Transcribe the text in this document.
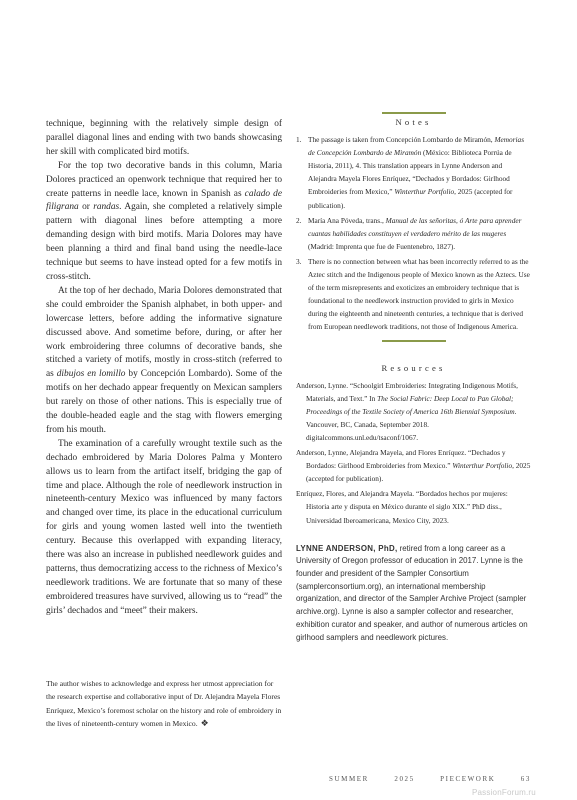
technique, beginning with the relatively simple design of parallel diagonal lines and ending with two bands showcasing her skill with complicated bird motifs.

For the top two decorative bands in this column, Maria Dolores practiced an openwork technique that required her to create patterns in needle lace, known in Spanish as calado de filigrana or randas. Again, she completed a relatively simple pattern with diagonal lines before attempting a more demanding design with bird motifs. Maria Dolores may have been planning a third and final band using the needle-lace technique but seems to have instead opted for a few motifs in cross-stitch.

At the top of her dechado, Maria Dolores demonstrated that she could embroider the Spanish alphabet, in both upper- and lowercase letters, before adding the informative signature discussed above. And sometime before, during, or after her work embroidering three columns of decorative bands, she stitched a variety of motifs, mostly in cross-stitch (referred to as dibujos en lomillo by Concepción Lombardo). Some of the motifs on her dechado appear frequently on Mexican samplers but rarely on those of other nations. This is especially true of the double-headed eagle and the stag with flowers emerging from his mouth.

The examination of a carefully wrought textile such as the dechado embroidered by Maria Dolores Palma y Montero allows us to learn from the artifact itself, bridging the gap of time and place. Although the role of needlework instruction in nineteenth-century Mexico was influenced by many factors and changed over time, its place in the educational curriculum for girls and young women lasted well into the twentieth century. Because this overlapped with expanding literacy, there was also an increase in published needlework guides and patterns, thus democratizing access to the richness of Mexico’s needlework traditions. We are fortunate that so many of these embroidered treasures have survived, allowing us to “read” the girls’ dechados and “meet” their makers.

The author wishes to acknowledge and express her utmost appreciation for the research expertise and collaborative input of Dr. Alejandra Mayela Flores Enríquez, Mexico’s foremost scholar on the history and role of embroidery in the lives of nineteenth-century women in Mexico. ❖
Notes
1. The passage is taken from Concepción Lombardo de Miramón, Memorias de Concepción Lombardo de Miramón (México: Biblioteca Porrúa de Historia, 2011), 4. This translation appears in Lynne Anderson and Alejandra Mayela Flores Enríquez, “Dechados y Bordados: Girlhood Embroideries from Mexico,” Winterthur Portfolio, 2025 (accepted for publication).
2. María Ana Póveda, trans., Manual de las señoritas, ó Arte para aprender cuantas habilidades constituyen el verdadero mérito de las mugeres (Madrid: Imprenta que fue de Fuentenebro, 1827).
3. There is no connection between what has been incorrectly referred to as the Aztec stitch and the Indigenous people of Mexico known as the Aztecs. Use of the term misrepresents and exoticizes an embroidery technique that is foundational to the needlework instruction provided to girls in Mexico during the eighteenth and nineteenth centuries, a technique that is derived from European needlework traditions, not those of Indigenous America.
Resources

Anderson, Lynne. “Schoolgirl Embroideries: Integrating Indigenous Motifs, Materials, and Text.” In The Social Fabric: Deep Local to Pan Global; Proceedings of the Textile Society of America 16th Biennial Symposium. Vancouver, BC, Canada, September 2018. digitalcommons.unl.edu/tsaconf/1067.

Anderson, Lynne, Alejandra Mayela, and Flores Enríquez. “Dechados y Bordados: Girlhood Embroideries from Mexico.” Winterthur Portfolio, 2025 (accepted for publication).

Enríquez, Flores, and Alejandra Mayela. “Bordados hechos por mujeres: Historia arte y disputa en México durante el siglo XIX.” PhD diss., Universidad Iberoamericana, Mexico City, 2023.

LYNNE ANDERSON, PhD, retired from a long career as a University of Oregon professor of education in 2017. Lynne is the founder and president of the Sampler Consortium (samplerconsortium.org), an international membership organization, and director of the Sampler Archive Project (sampler archive.org). Lynne is also a sampler collector and researcher, exhibition curator and speaker, and author of numerous articles on girlhood samplers and needlework pictures.
SUMMER	2025	PIECEWORK	63
PassionForum.ru
